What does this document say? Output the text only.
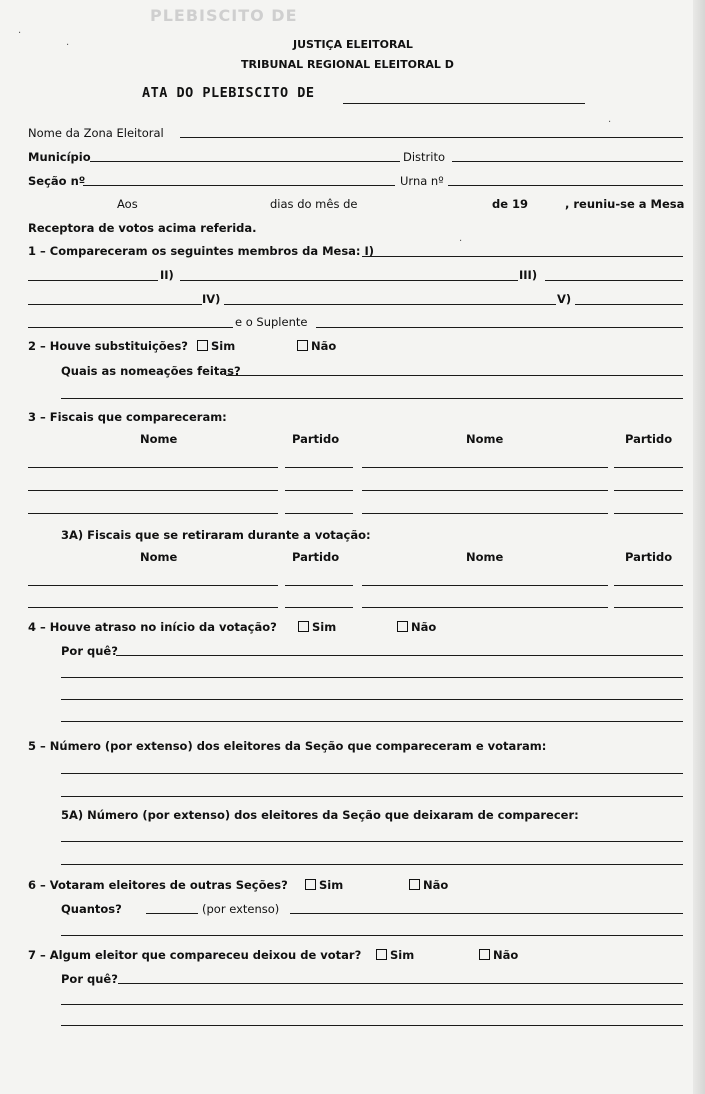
PLEBISCITO DE
JUSTIÇA ELEITORAL
TRIBUNAL REGIONAL ELEITORAL D
ATA DO PLEBISCITO DE
Nome da Zona Eleitoral
Município	Distrito
Seção nº	Urna nº
Aos	dias do mês de	de 19	, reuniu-se a Mesa
Receptora de votos acima referida.
1 – Compareceram os seguintes membros da Mesa: I)
II)	III)
IV)	V)
e o Suplente
2 – Houve substituições?	Sim	Não
Quais as nomeações feitas?
3 – Fiscais que compareceram:
Nome	Partido	Nome	Partido
3A) Fiscais que se retiraram durante a votação:
Nome	Partido	Nome	Partido
4 – Houve atraso no início da votação?	Sim	Não
Por quê?
5 – Número (por extenso) dos eleitores da Seção que compareceram e votaram:
5A) Número (por extenso) dos eleitores da Seção que deixaram de comparecer:
6 – Votaram eleitores de outras Seções?	Sim	Não
Quantos?	(por extenso)
7 – Algum eleitor que compareceu deixou de votar?	Sim	Não
Por quê?
·
·
·
·
